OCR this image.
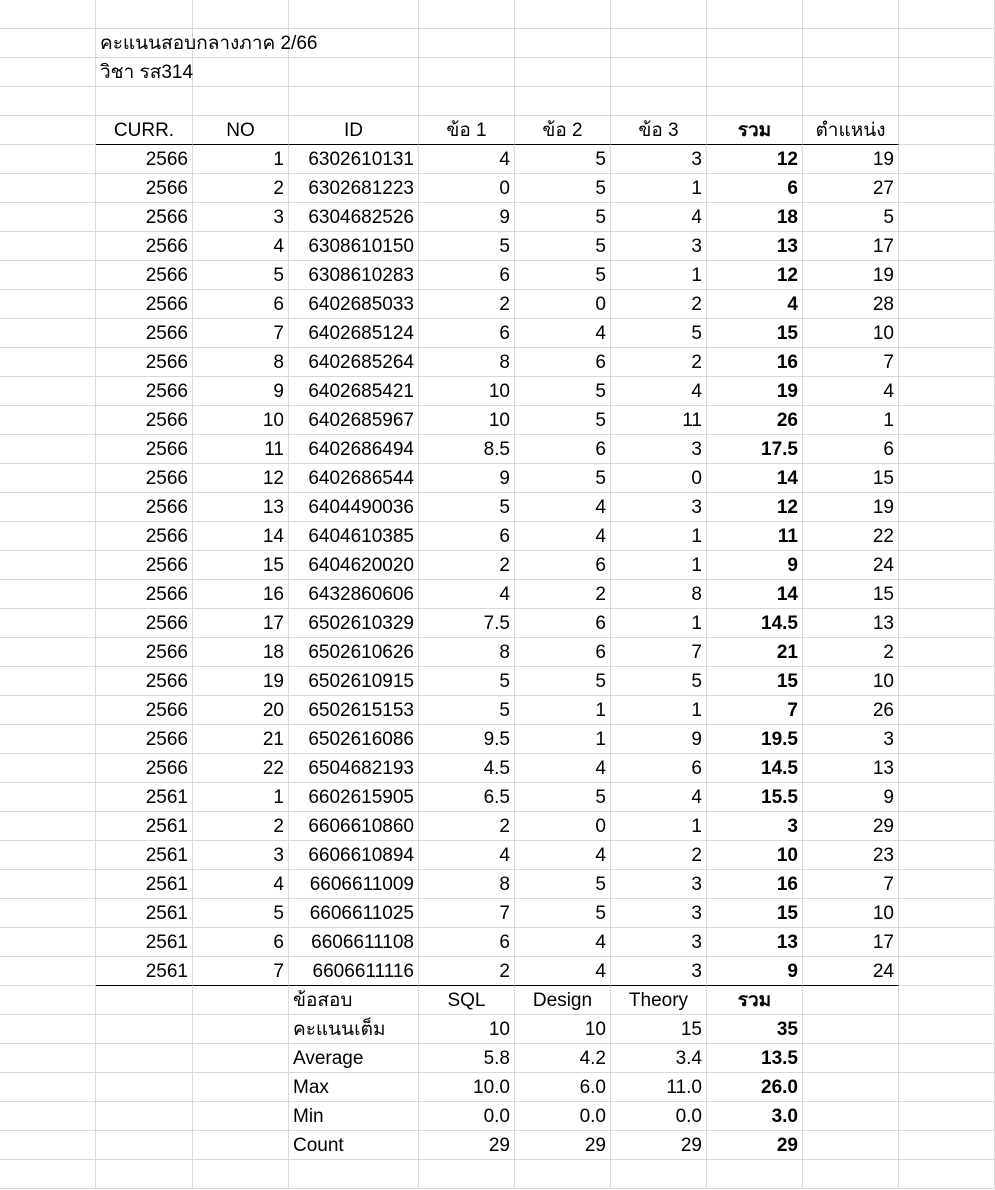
CURR.	NO	ID	ข้อ 1	ข้อ 2	ข้อ 3	รวม	ตำแหน่ง
2566	1	6302610131	4	5	3	12	19
2566	2	6302681223	0	5	1	6	27
2566	3	6304682526	9	5	4	18	5
2566	4	6308610150	5	5	3	13	17
2566	5	6308610283	6	5	1	12	19
2566	6	6402685033	2	0	2	4	28
2566	7	6402685124	6	4	5	15	10
2566	8	6402685264	8	6	2	16	7
2566	9	6402685421	10	5	4	19	4
2566	10	6402685967	10	5	11	26	1
2566	11	6402686494	8.5	6	3	17.5	6
2566	12	6402686544	9	5	0	14	15
2566	13	6404490036	5	4	3	12	19
2566	14	6404610385	6	4	1	11	22
2566	15	6404620020	2	6	1	9	24
2566	16	6432860606	4	2	8	14	15
2566	17	6502610329	7.5	6	1	14.5	13
2566	18	6502610626	8	6	7	21	2
2566	19	6502610915	5	5	5	15	10
2566	20	6502615153	5	1	1	7	26
2566	21	6502616086	9.5	1	9	19.5	3
2566	22	6504682193	4.5	4	6	14.5	13
2561	1	6602615905	6.5	5	4	15.5	9
2561	2	6606610860	2	0	1	3	29
2561	3	6606610894	4	4	2	10	23
2561	4	6606611009	8	5	3	16	7
2561	5	6606611025	7	5	3	15	10
2561	6	6606611108	6	4	3	13	17
2561	7	6606611116	2	4	3	9	24
ข้อสอบ	SQL	Design	Theory	รวม
คะแนนเต็ม	10	10	15	35
Average	5.8	4.2	3.4	13.5
Max	10.0	6.0	11.0	26.0
Min	0.0	0.0	0.0	3.0
Count	29	29	29	29
คะแนนสอบกลางภาค 2/66
วิชา รส314
